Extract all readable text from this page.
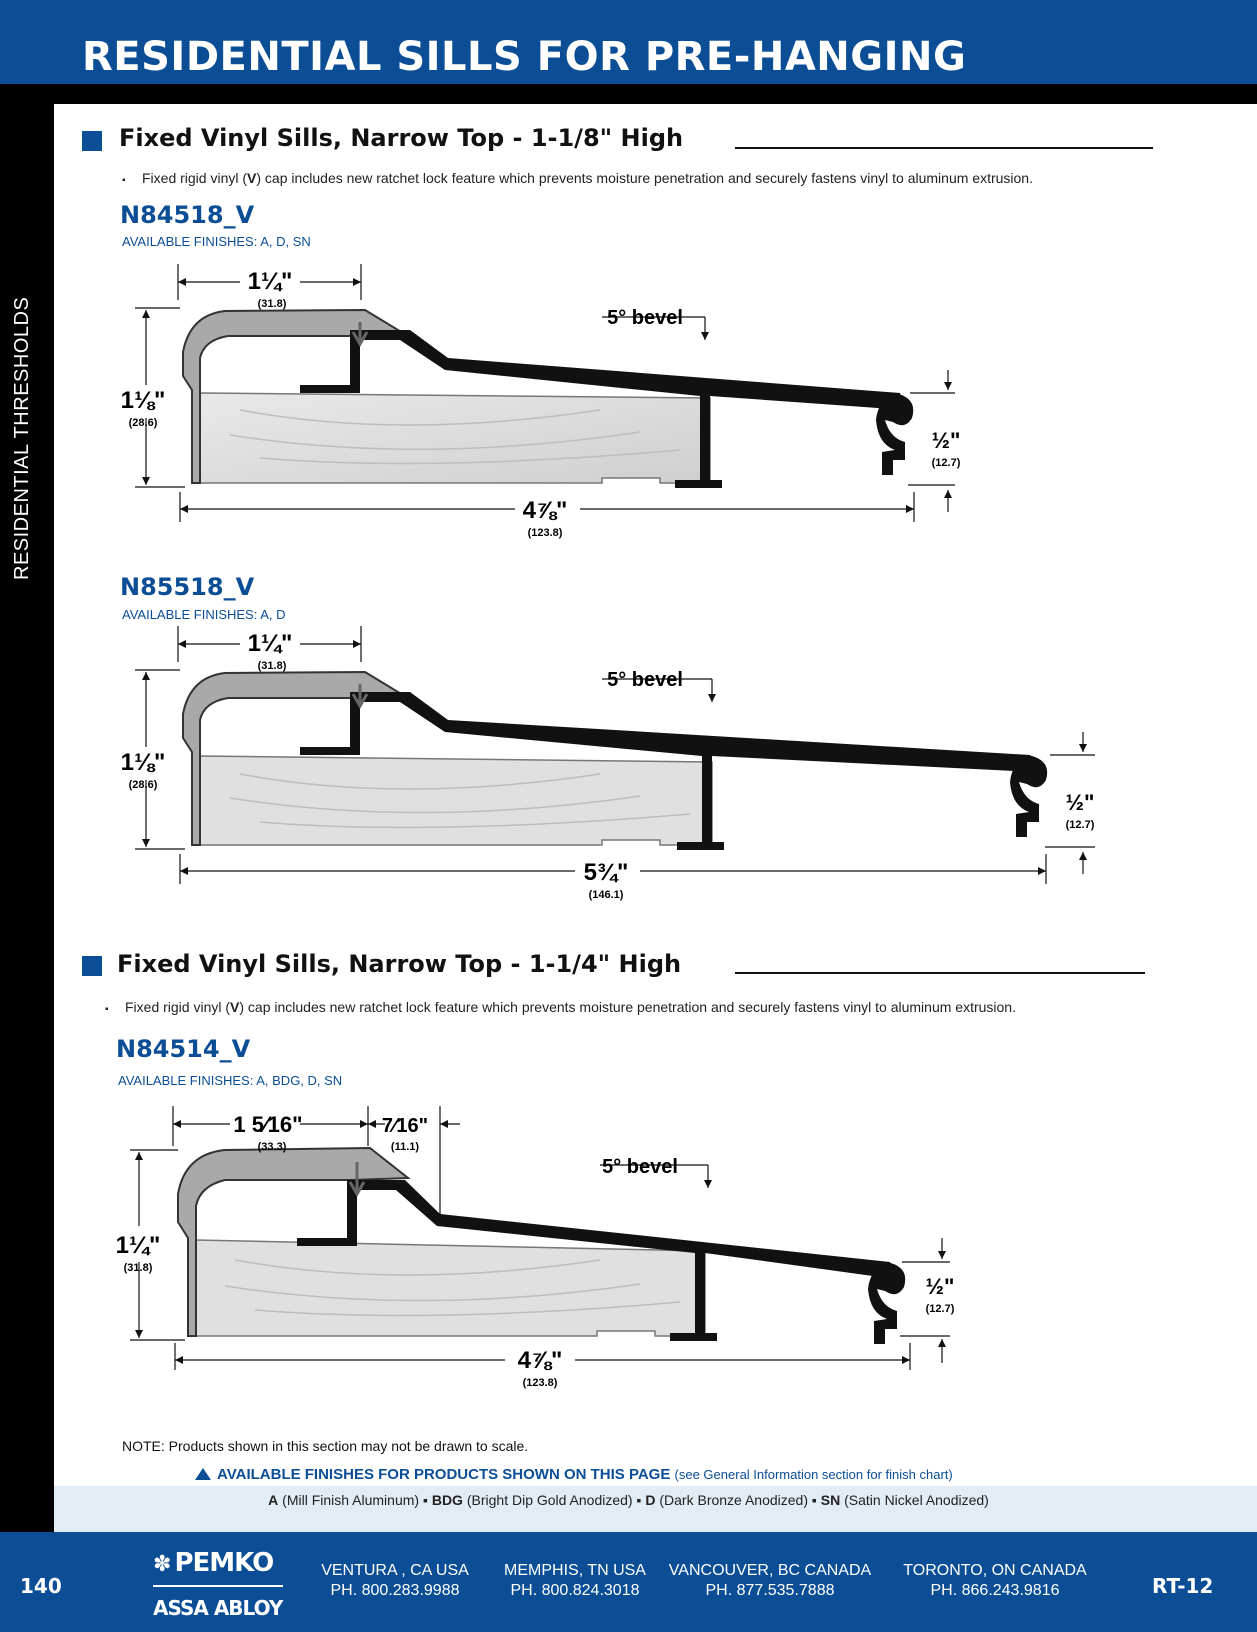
RESIDENTIAL SILLS FOR PRE-HANGING
Fixed Vinyl Sills, Narrow Top - 1-1/8" High
▪ Fixed rigid vinyl (V) cap includes new ratchet lock feature which prevents moisture penetration and securely fastens vinyl to aluminum extrusion.
N84518_V
AVAILABLE FINISHES: A, D, SN
1¼"
(31.8)
1⅛"
(28.6)
4⅞"
(123.8)
½"
(12.7)
5° bevel
N85518_V
AVAILABLE FINISHES: A, D
1¼"
(31.8)
1⅛"
(28.6)
5¾"
(146.1)
½"
(12.7)
5° bevel
Fixed Vinyl Sills, Narrow Top - 1-1/4" High
▪ Fixed rigid vinyl (V) cap includes new ratchet lock feature which prevents moisture penetration and securely fastens vinyl to aluminum extrusion.
N84514_V
AVAILABLE FINISHES: A, BDG, D, SN
1 5⁄16"
(33.3)
7⁄16"
(11.1)
1¼"
(31.8)
4⅞"
(123.8)
½"
(12.7)
5° bevel
NOTE: Products shown in this section may not be drawn to scale.
AVAILABLE FINISHES FOR PRODUCTS SHOWN ON THIS PAGE (see General Information section for finish chart)
A (Mill Finish Aluminum) ▪ BDG (Bright Dip Gold Anodized) ▪ D (Dark Bronze Anodized) ▪ SN (Satin Nickel Anodized)
140
✽ PEMKO
ASSA ABLOY
VENTURA , CA USA
PH. 800.283.9988
MEMPHIS, TN USA
PH. 800.824.3018
VANCOUVER, BC CANADA
PH. 877.535.7888
TORONTO, ON CANADA
PH. 866.243.9816	RT-12
